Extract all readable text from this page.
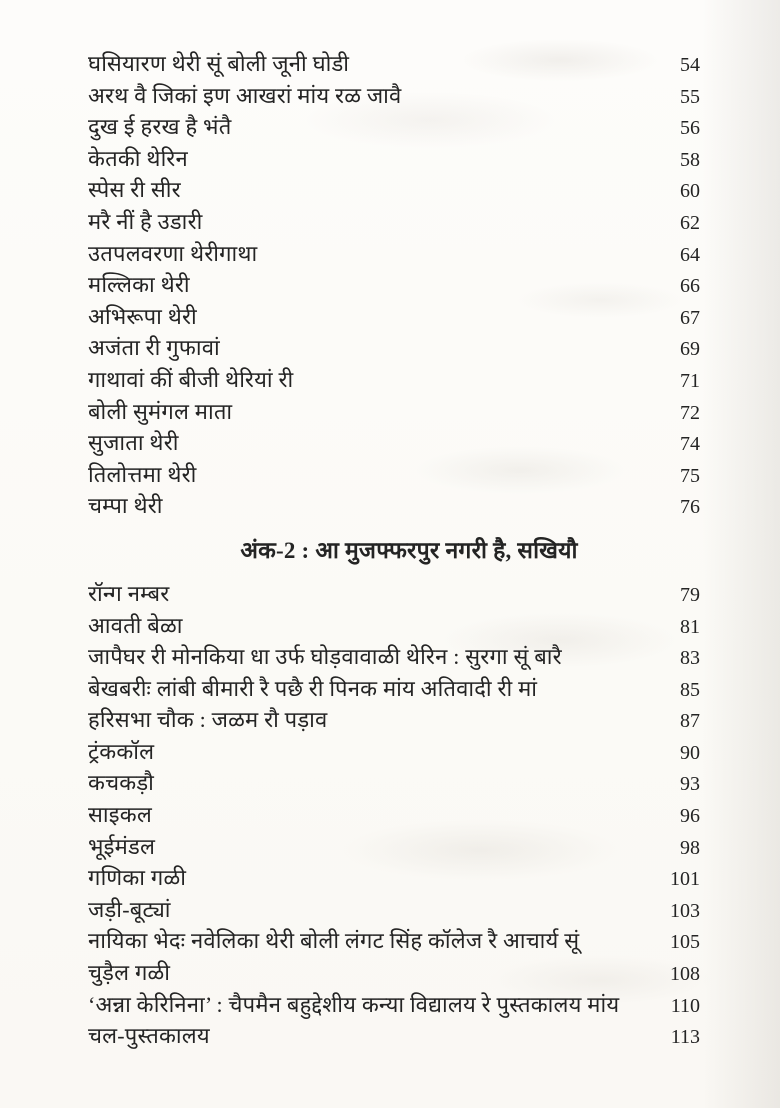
घसियारण थेरी सूं बोली जूनी घोडी	54
अरथ वै जिकां इण आखरां मांय रळ जावै	55
दुख ई हरख है भंतै	56
केतकी थेरिन	58
स्पेस री सीर	60
मरै नीं है उडारी	62
उतपलवरणा थेरीगाथा	64
मल्लिका थेरी	66
अभिरूपा थेरी	67
अजंता री गुफावां	69
गाथावां कीं बीजी थेरियां री	71
बोली सुमंगल माता	72
सुजाता थेरी	74
तिलोत्तमा थेरी	75
चम्पा थेरी	76
अंक-2 : आ मुजफ्फरपुर नगरी है, सखियौ
रॉन्ग नम्बर	79
आवती बेळा	81
जापैघर री मोनकिया धा उर्फ घोड़वावाळी थेरिन : सुरगा सूं बारै	83
बेखबरीः लांबी बीमारी रै पछै री पिनक मांय अतिवादी री मां	85
हरिसभा चौक : जळम रौ पड़ाव	87
ट्रंककॉल	90
कचकड़ौ	93
साइकल	96
भूईमंडल	98
गणिका गळी	101
जड़ी-बूट्यां	103
नायिका भेदः नवेलिका थेरी बोली लंगट सिंह कॉलेज रै आचार्य सूं	105
चुड़ैल गळी	108
‘अन्ना केरिनिना’ : चैपमैन बहुद्देशीय कन्या विद्यालय रे पुस्तकालय मांय	110
चल-पुस्तकालय	113
